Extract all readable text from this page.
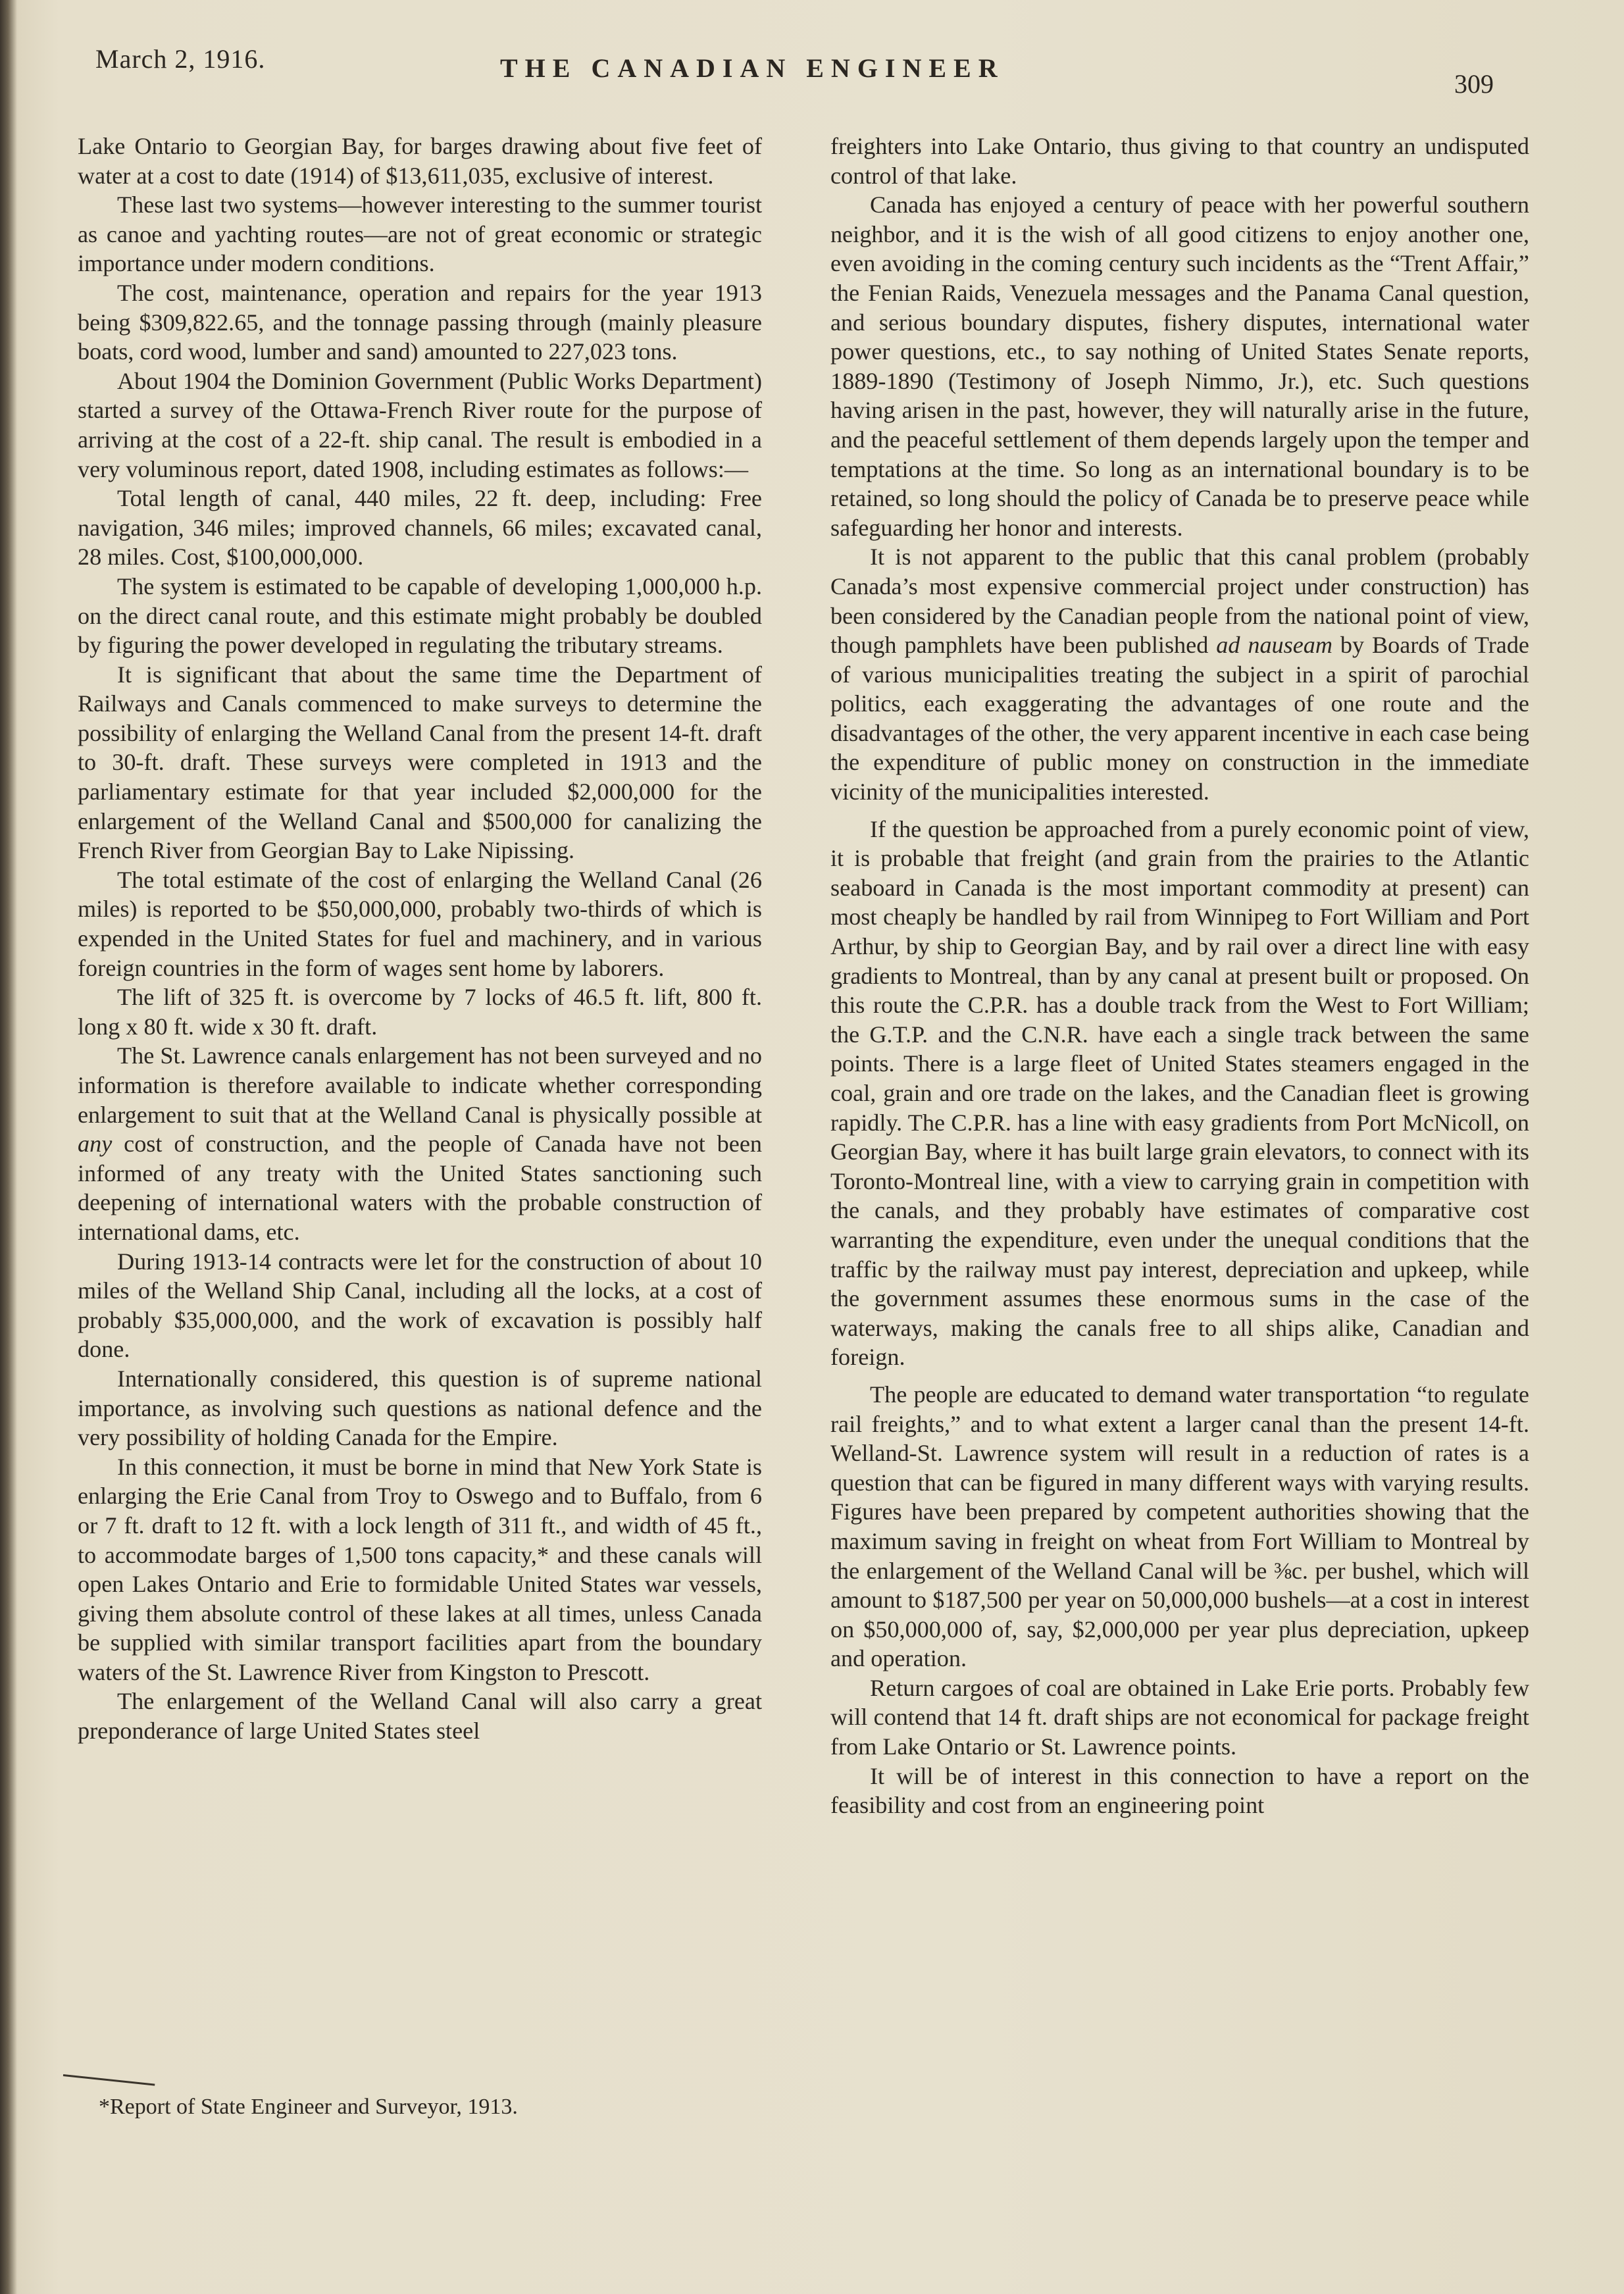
March 2, 1916.	THE CANADIAN ENGINEER
309

Lake Ontario to Georgian Bay, for barges drawing about five feet of water at a cost to date (1914) of $13,611,035, exclusive of interest.

These last two systems—however interesting to the summer tourist as canoe and yachting routes—are not of great economic or strategic importance under modern conditions.

The cost, maintenance, operation and repairs for the year 1913 being $309,822.65, and the tonnage passing through (mainly pleasure boats, cord wood, lumber and sand) amounted to 227,023 tons.

About 1904 the Dominion Government (Public Works Department) started a survey of the Ottawa-French River route for the purpose of arriving at the cost of a 22-ft. ship canal. The result is embodied in a very voluminous report, dated 1908, including estimates as follows:—

Total length of canal, 440 miles, 22 ft. deep, including: Free navigation, 346 miles; improved channels, 66 miles; excavated canal, 28 miles. Cost, $100,000,000.

The system is estimated to be capable of developing 1,000,000 h.p. on the direct canal route, and this estimate might probably be doubled by figuring the power developed in regulating the tributary streams.

It is significant that about the same time the Department of Railways and Canals commenced to make surveys to determine the possibility of enlarging the Welland Canal from the present 14-ft. draft to 30-ft. draft. These surveys were completed in 1913 and the parliamentary estimate for that year included $2,000,000 for the enlargement of the Welland Canal and $500,000 for canalizing the French River from Georgian Bay to Lake Nipissing.

The total estimate of the cost of enlarging the Welland Canal (26 miles) is reported to be $50,000,000, probably two-thirds of which is expended in the United States for fuel and machinery, and in various foreign countries in the form of wages sent home by laborers.

The lift of 325 ft. is overcome by 7 locks of 46.5 ft. lift, 800 ft. long x 80 ft. wide x 30 ft. draft.

The St. Lawrence canals enlargement has not been surveyed and no information is therefore available to indicate whether corresponding enlargement to suit that at the Welland Canal is physically possible at any cost of construction, and the people of Canada have not been informed of any treaty with the United States sanctioning such deepening of international waters with the probable construction of international dams, etc.

During 1913-14 contracts were let for the construction of about 10 miles of the Welland Ship Canal, including all the locks, at a cost of probably $35,000,000, and the work of excavation is possibly half done.

Internationally considered, this question is of supreme national importance, as involving such questions as national defence and the very possibility of holding Canada for the Empire.

In this connection, it must be borne in mind that New York State is enlarging the Erie Canal from Troy to Oswego and to Buffalo, from 6 or 7 ft. draft to 12 ft. with a lock length of 311 ft., and width of 45 ft., to accommodate barges of 1,500 tons capacity,* and these canals will open Lakes Ontario and Erie to formidable United States war vessels, giving them absolute control of these lakes at all times, unless Canada be supplied with similar transport facilities apart from the boundary waters of the St. Lawrence River from Kingston to Prescott.

The enlargement of the Welland Canal will also carry a great preponderance of large United States steel

*Report of State Engineer and Surveyor, 1913.

freighters into Lake Ontario, thus giving to that country an undisputed control of that lake.

Canada has enjoyed a century of peace with her powerful southern neighbor, and it is the wish of all good citizens to enjoy another one, even avoiding in the coming century such incidents as the “Trent Affair,” the Fenian Raids, Venezuela messages and the Panama Canal question, and serious boundary disputes, fishery disputes, international water power questions, etc., to say nothing of United States Senate reports, 1889-1890 (Testimony of Joseph Nimmo, Jr.), etc. Such questions having arisen in the past, however, they will naturally arise in the future, and the peaceful settlement of them depends largely upon the temper and temptations at the time. So long as an international boundary is to be retained, so long should the policy of Canada be to preserve peace while safeguarding her honor and interests.

It is not apparent to the public that this canal problem (probably Canada’s most expensive commercial project under construction) has been considered by the Canadian people from the national point of view, though pamphlets have been published ad nauseam by Boards of Trade of various municipalities treating the subject in a spirit of parochial politics, each exaggerating the advantages of one route and the disadvantages of the other, the very apparent incentive in each case being the expenditure of public money on construction in the immediate vicinity of the municipalities interested.

If the question be approached from a purely economic point of view, it is probable that freight (and grain from the prairies to the Atlantic seaboard in Canada is the most important commodity at present) can most cheaply be handled by rail from Winnipeg to Fort William and Port Arthur, by ship to Georgian Bay, and by rail over a direct line with easy gradients to Montreal, than by any canal at present built or proposed. On this route the C.P.R. has a double track from the West to Fort William; the G.T.P. and the C.N.R. have each a single track between the same points. There is a large fleet of United States steamers engaged in the coal, grain and ore trade on the lakes, and the Canadian fleet is growing rapidly. The C.P.R. has a line with easy gradients from Port McNicoll, on Georgian Bay, where it has built large grain elevators, to connect with its Toronto-Montreal line, with a view to carrying grain in competition with the canals, and they probably have estimates of comparative cost warranting the expenditure, even under the unequal conditions that the traffic by the railway must pay interest, depreciation and upkeep, while the government assumes these enormous sums in the case of the waterways, making the canals free to all ships alike, Canadian and foreign.

The people are educated to demand water transportation “to regulate rail freights,” and to what extent a larger canal than the present 14-ft. Welland-St. Lawrence system will result in a reduction of rates is a question that can be figured in many different ways with varying results. Figures have been prepared by competent authorities showing that the maximum saving in freight on wheat from Fort William to Montreal by the enlargement of the Welland Canal will be ⅜c. per bushel, which will amount to $187,500 per year on 50,000,000 bushels—at a cost in interest on $50,000,000 of, say, $2,000,000 per year plus depreciation, upkeep and operation.

Return cargoes of coal are obtained in Lake Erie ports. Probably few will contend that 14 ft. draft ships are not economical for package freight from Lake Ontario or St. Lawrence points.

It will be of interest in this connection to have a report on the feasibility and cost from an engineering point
